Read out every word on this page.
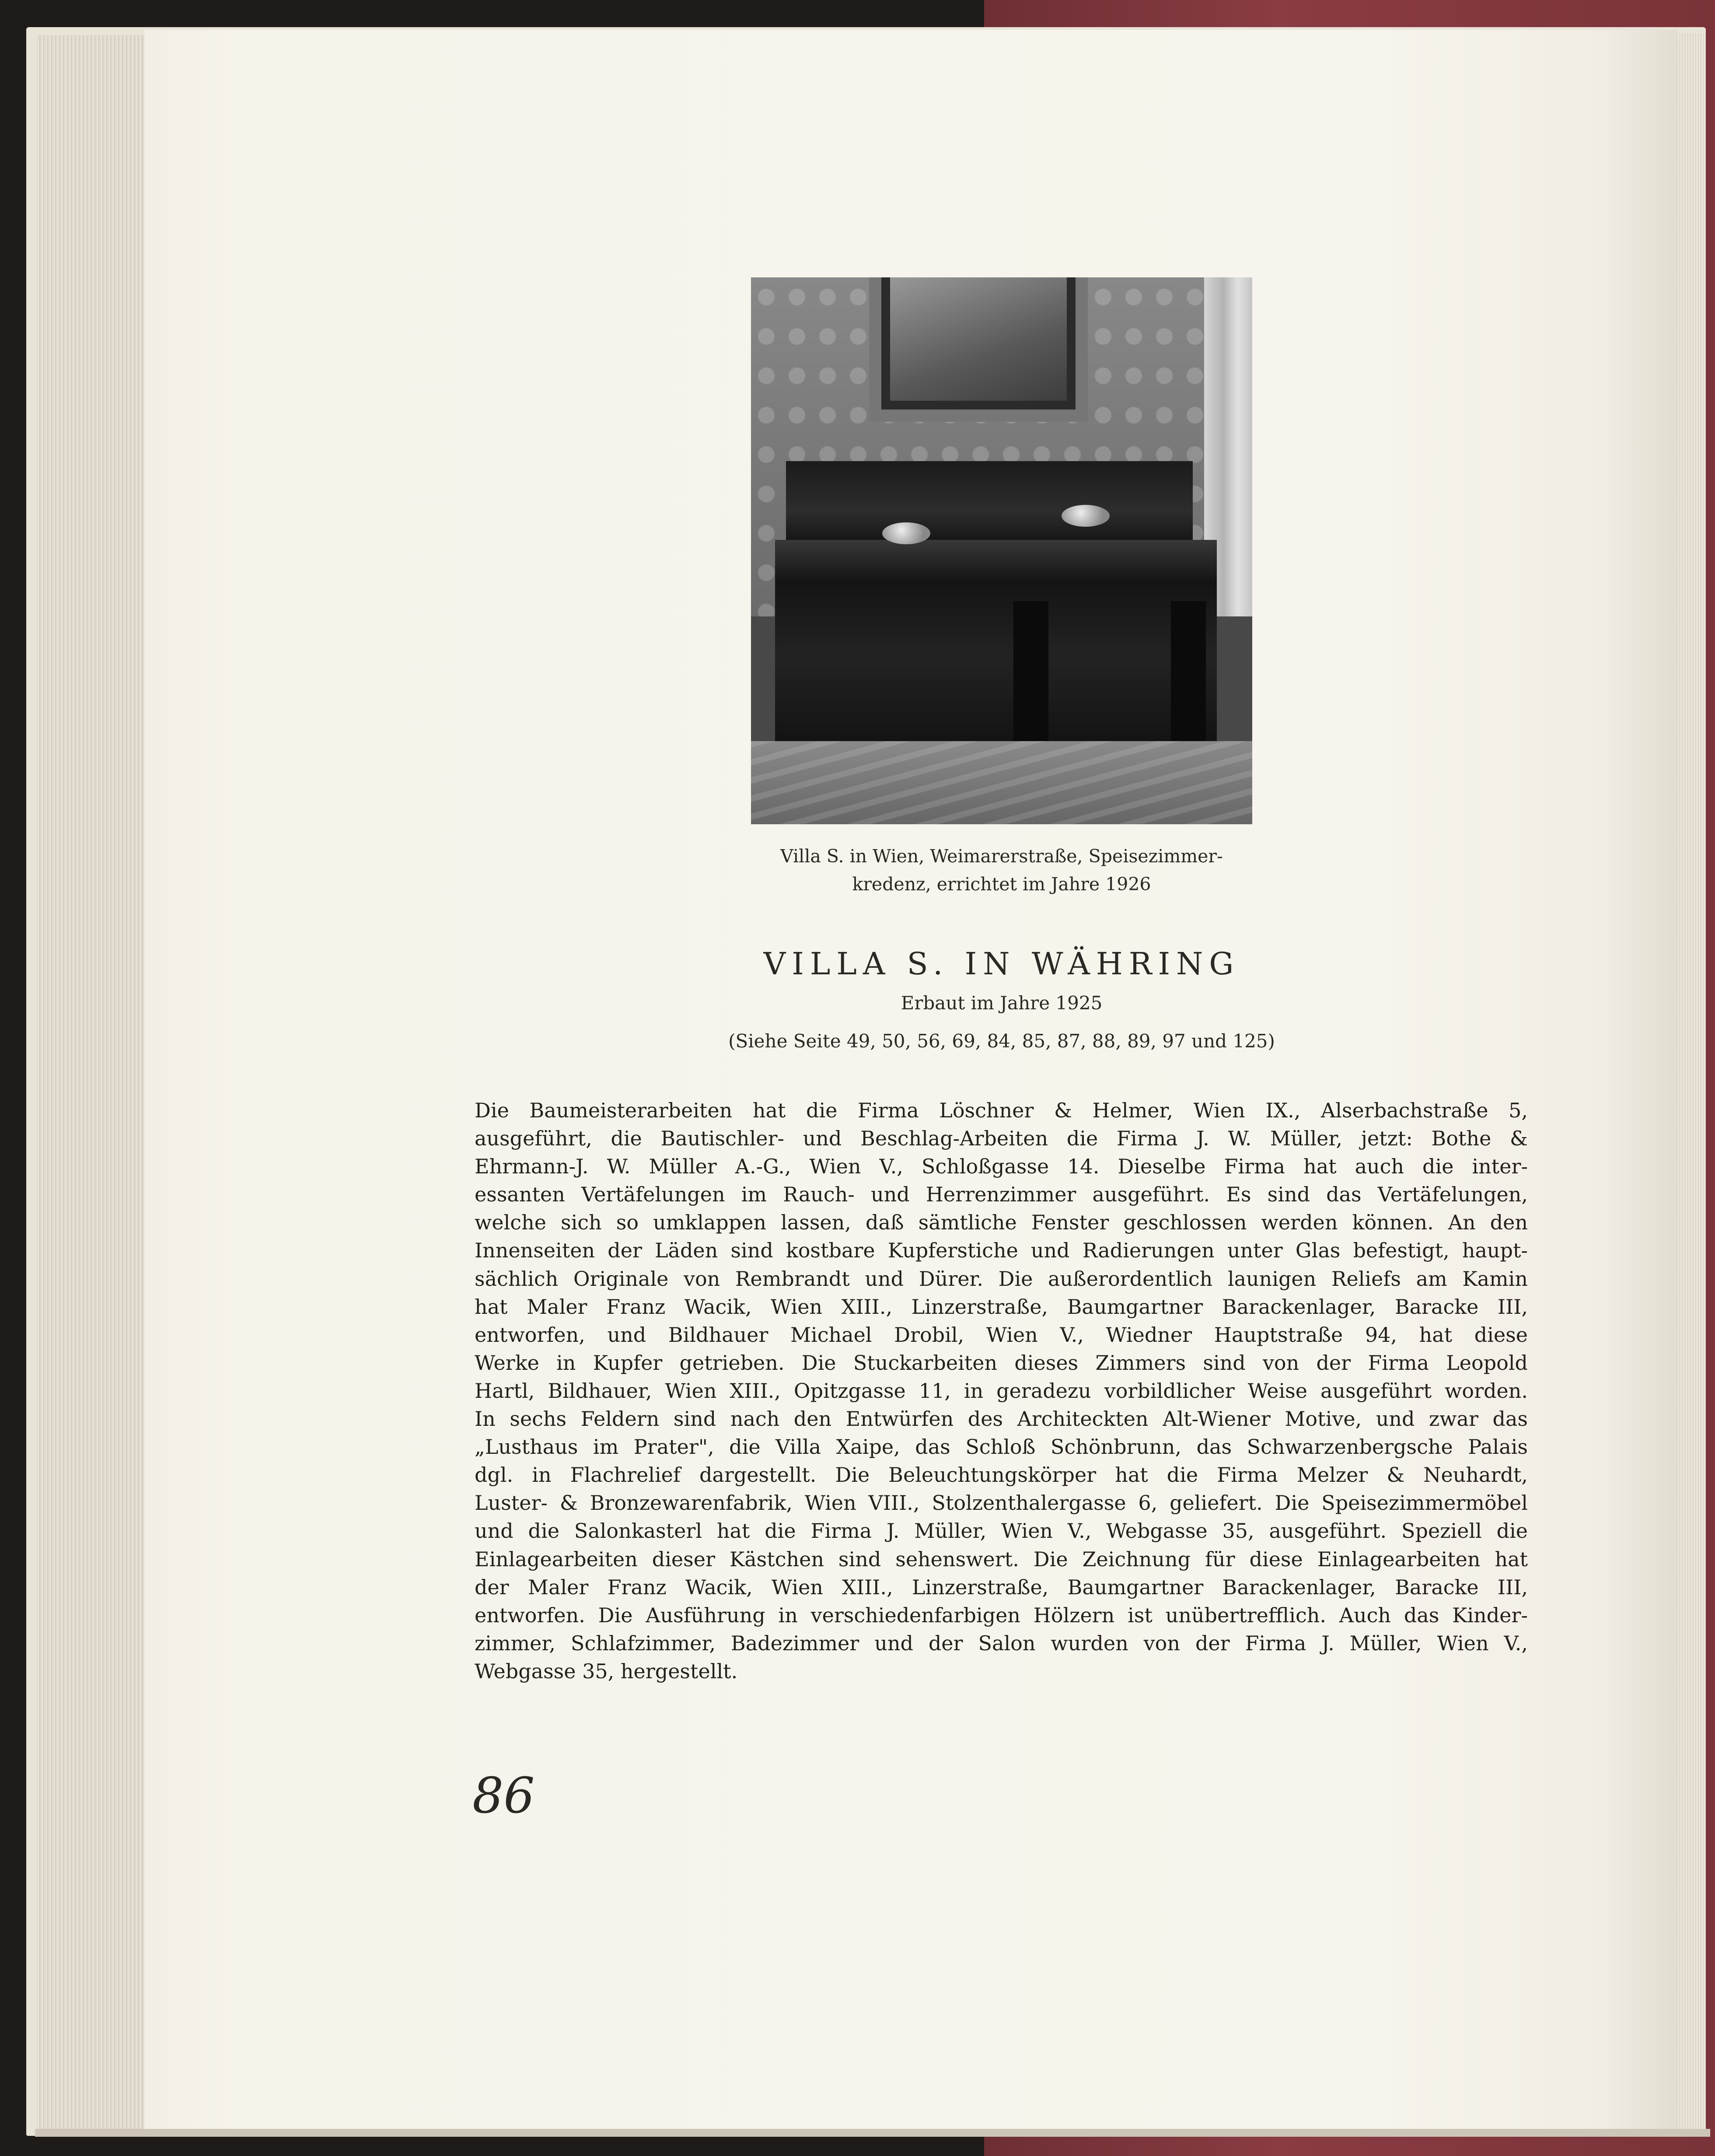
Villa S. in Wien, Weimarerstraße, Speisezimmer-

kredenz, errichtet im Jahre 1926

VILLA S. IN WÄHRING

Erbaut im Jahre 1925

(Siehe Seite 49, 50, 56, 69, 84, 85, 87, 88, 89, 97 und 125)

Die Baumeisterarbeiten hat die Firma Löschner & Helmer, Wien IX., Alserbachstraße 5,

ausgeführt, die Bautischler- und Beschlag-Arbeiten die Firma J. W. Müller, jetzt: Bothe &

Ehrmann-J. W. Müller A.-G., Wien V., Schloßgasse 14. Dieselbe Firma hat auch die inter-

essanten Vertäfelungen im Rauch- und Herrenzimmer ausgeführt. Es sind das Vertäfelungen,

welche sich so umklappen lassen, daß sämtliche Fenster geschlossen werden können. An den

Innenseiten der Läden sind kostbare Kupferstiche und Radierungen unter Glas befestigt, haupt-

sächlich Originale von Rembrandt und Dürer. Die außerordentlich launigen Reliefs am Kamin

hat Maler Franz Wacik, Wien XIII., Linzerstraße, Baumgartner Barackenlager, Baracke III,

entworfen, und Bildhauer Michael Drobil, Wien V., Wiedner Hauptstraße 94, hat diese

Werke in Kupfer getrieben. Die Stuckarbeiten dieses Zimmers sind von der Firma Leopold

Hartl, Bildhauer, Wien XIII., Opitzgasse 11, in geradezu vorbildlicher Weise ausgeführt worden.

In sechs Feldern sind nach den Entwürfen des Architeckten Alt-Wiener Motive, und zwar das

„Lusthaus im Prater", die Villa Xaipe, das Schloß Schönbrunn, das Schwarzenbergsche Palais

dgl. in Flachrelief dargestellt. Die Beleuchtungskörper hat die Firma Melzer & Neuhardt,

Luster- & Bronzewarenfabrik, Wien VIII., Stolzenthalergasse 6, geliefert. Die Speisezimmermöbel

und die Salonkasterl hat die Firma J. Müller, Wien V., Webgasse 35, ausgeführt. Speziell die

Einlagearbeiten dieser Kästchen sind sehenswert. Die Zeichnung für diese Einlagearbeiten hat

der Maler Franz Wacik, Wien XIII., Linzerstraße, Baumgartner Barackenlager, Baracke III,

entworfen. Die Ausführung in verschiedenfarbigen Hölzern ist unübertrefflich. Auch das Kinder-

zimmer, Schlafzimmer, Badezimmer und der Salon wurden von der Firma J. Müller, Wien V.,

Webgasse 35, hergestellt.

86
